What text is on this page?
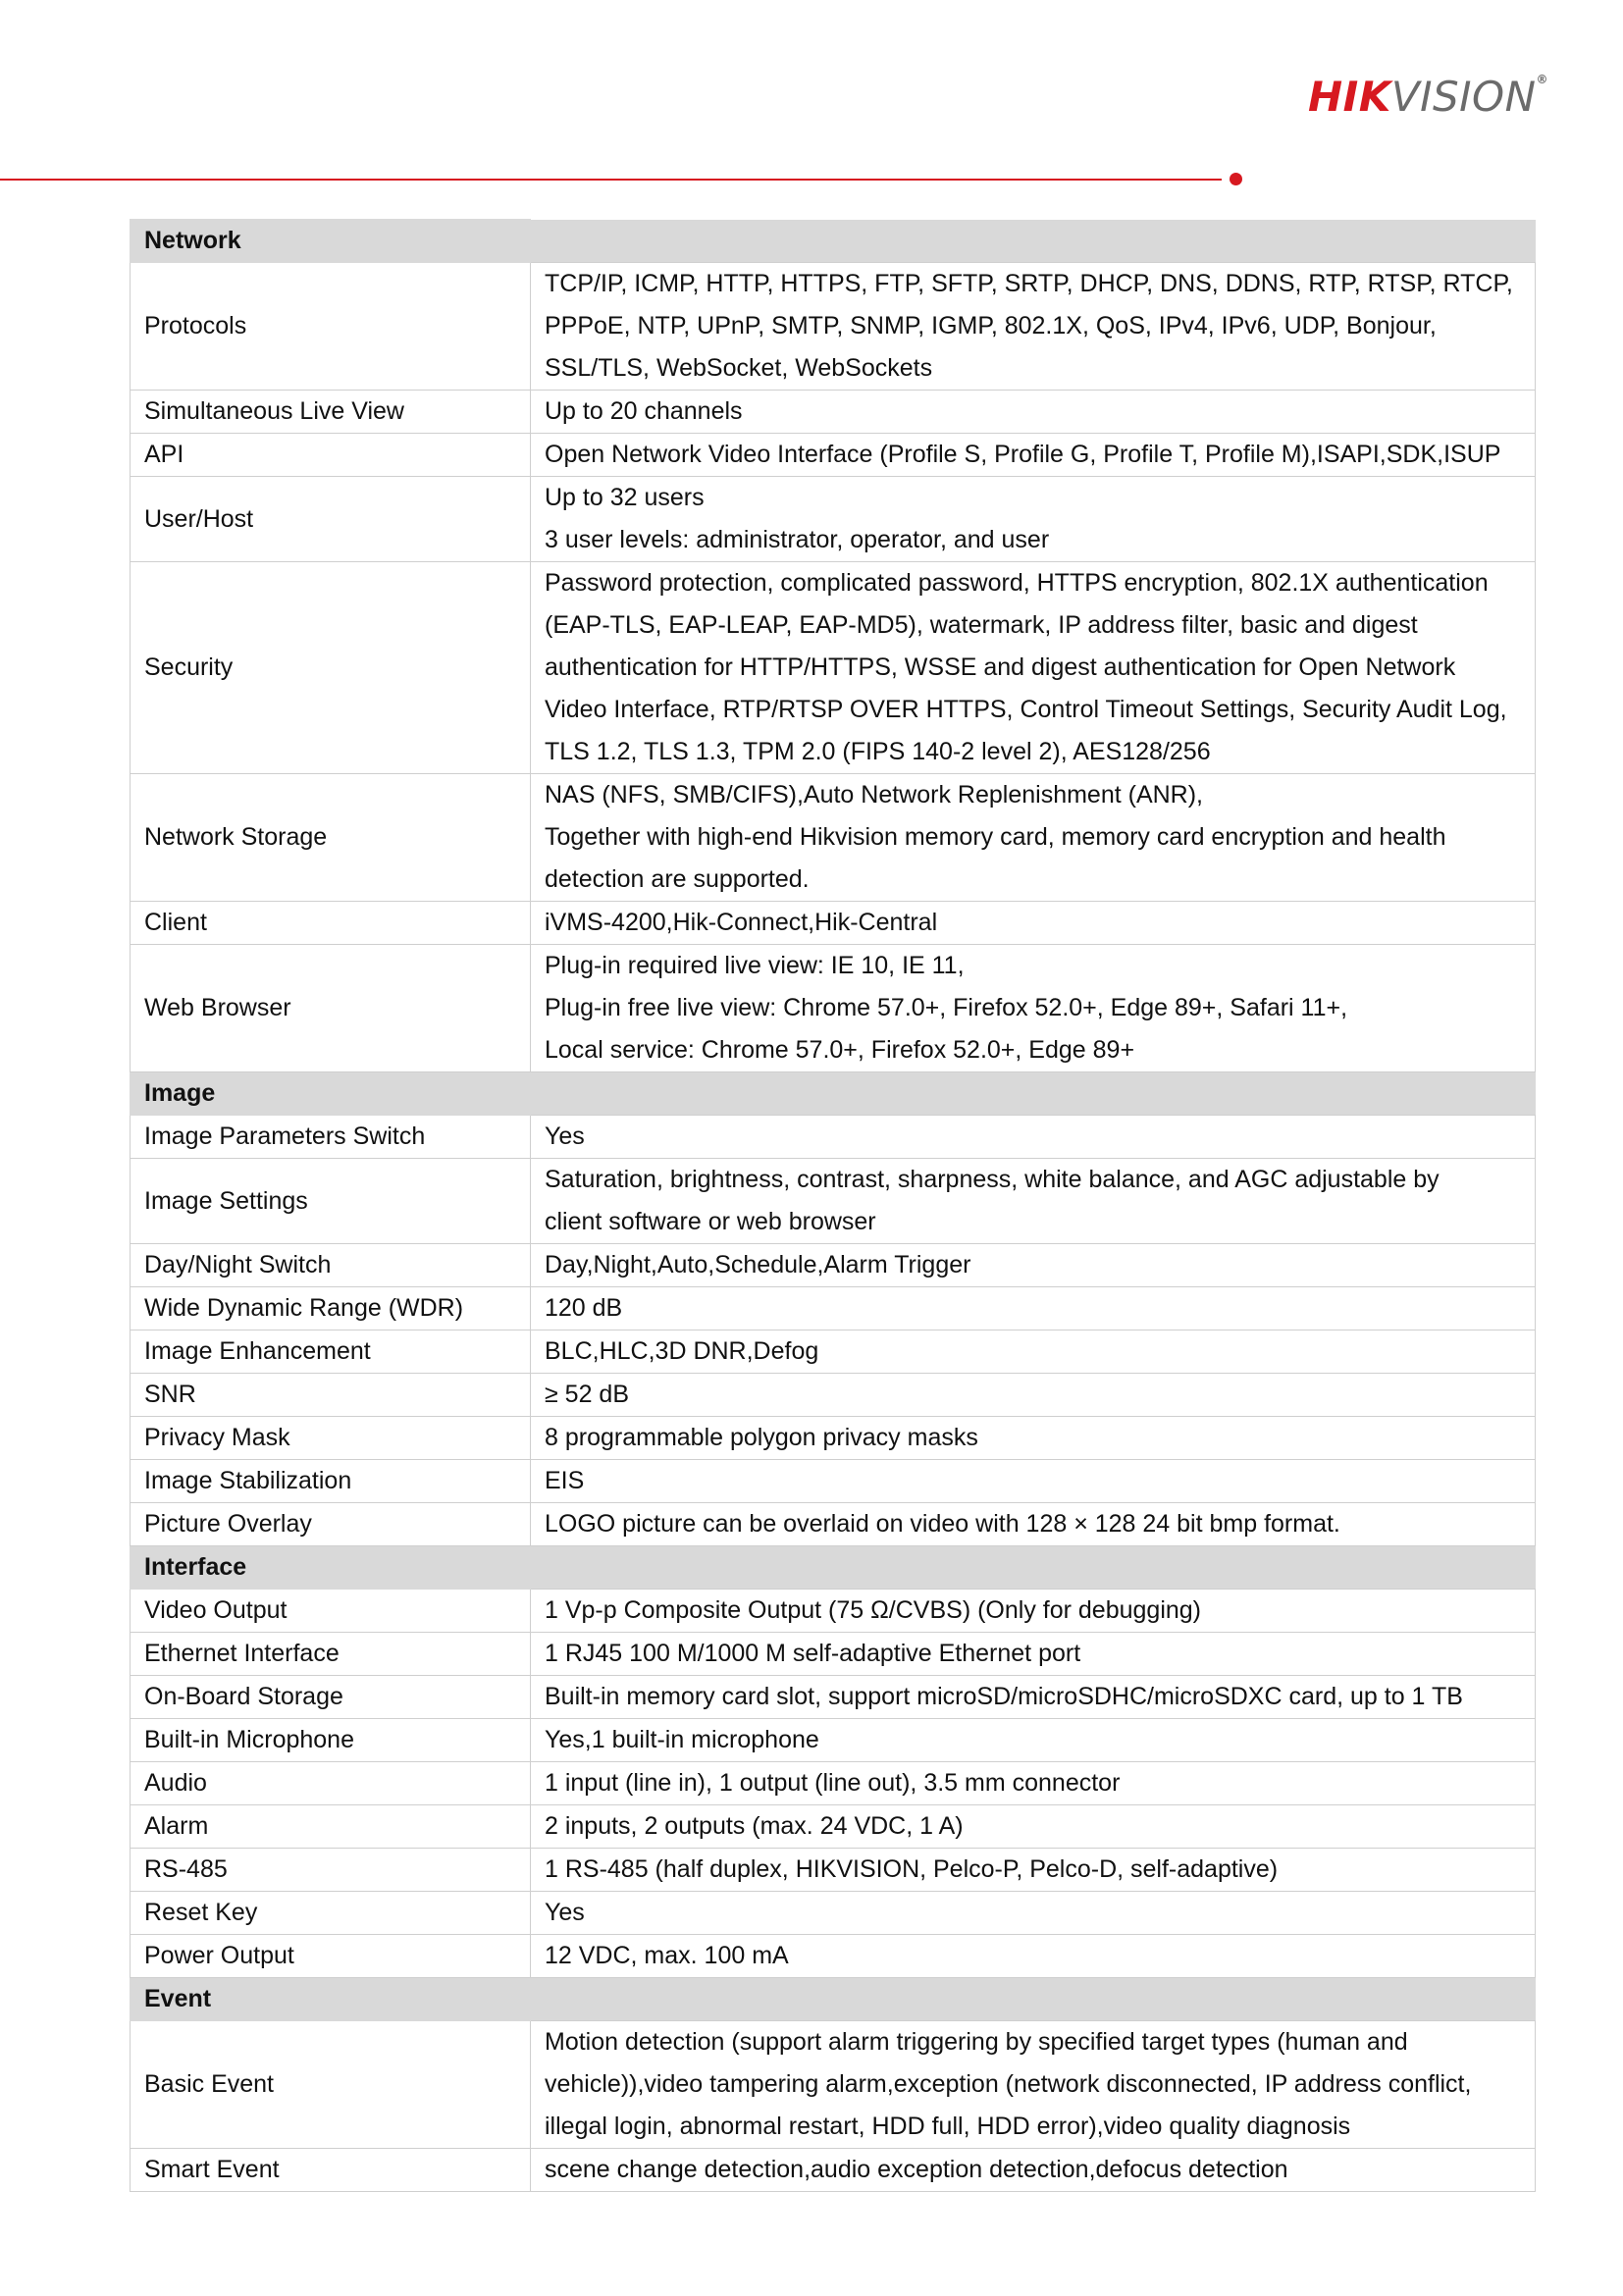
HIKVISION®
Network	
Protocols	TCP/IP, ICMP, HTTP, HTTPS, FTP, SFTP, SRTP, DHCP, DNS, DDNS, RTP, RTSP, RTCP,
PPPoE, NTP, UPnP, SMTP, SNMP, IGMP, 802.1X, QoS, IPv4, IPv6, UDP, Bonjour,
SSL/TLS, WebSocket, WebSockets

Simultaneous Live View	Up to 20 channels

API	Open Network Video Interface (Profile S, Profile G, Profile T, Profile M),ISAPI,SDK,ISUP

User/Host	Up to 32 users
3 user levels: administrator, operator, and user

Security	Password protection, complicated password, HTTPS encryption, 802.1X authentication
(EAP-TLS, EAP-LEAP, EAP-MD5), watermark, IP address filter, basic and digest
authentication for HTTP/HTTPS, WSSE and digest authentication for Open Network
Video Interface, RTP/RTSP OVER HTTPS, Control Timeout Settings, Security Audit Log,
TLS 1.2, TLS 1.3, TPM 2.0 (FIPS 140-2 level 2), AES128/256

Network Storage	NAS (NFS, SMB/CIFS),Auto Network Replenishment (ANR),
Together with high-end Hikvision memory card, memory card encryption and health
detection are supported.

Client	iVMS-4200,Hik-Connect,Hik-Central

Web Browser	Plug-in required live view: IE 10, IE 11,
Plug-in free live view: Chrome 57.0+, Firefox 52.0+, Edge 89+, Safari 11+,
Local service: Chrome 57.0+, Firefox 52.0+, Edge 89+

Image	
Image Parameters Switch	Yes

Image Settings	Saturation, brightness, contrast, sharpness, white balance, and AGC adjustable by
client software or web browser

Day/Night Switch	Day,Night,Auto,Schedule,Alarm Trigger

Wide Dynamic Range (WDR)	120 dB

Image Enhancement	BLC,HLC,3D DNR,Defog

SNR	≥ 52 dB

Privacy Mask	8 programmable polygon privacy masks

Image Stabilization	EIS

Picture Overlay	LOGO picture can be overlaid on video with 128 × 128 24 bit bmp format.

Interface	
Video Output	1 Vp-p Composite Output (75 Ω/CVBS) (Only for debugging)

Ethernet Interface	1 RJ45 100 M/1000 M self-adaptive Ethernet port

On-Board Storage	Built-in memory card slot, support microSD/microSDHC/microSDXC card, up to 1 TB

Built-in Microphone	Yes,1 built-in microphone

Audio	1 input (line in), 1 output (line out), 3.5 mm connector

Alarm	2 inputs, 2 outputs (max. 24 VDC, 1 A)

RS-485	1 RS-485 (half duplex, HIKVISION, Pelco-P, Pelco-D, self-adaptive)

Reset Key	Yes

Power Output	12 VDC, max. 100 mA

Event	
Basic Event	Motion detection (support alarm triggering by specified target types (human and
vehicle)),video tampering alarm,exception (network disconnected, IP address conflict,
illegal login, abnormal restart, HDD full, HDD error),video quality diagnosis

Smart Event	scene change detection,audio exception detection,defocus detection
